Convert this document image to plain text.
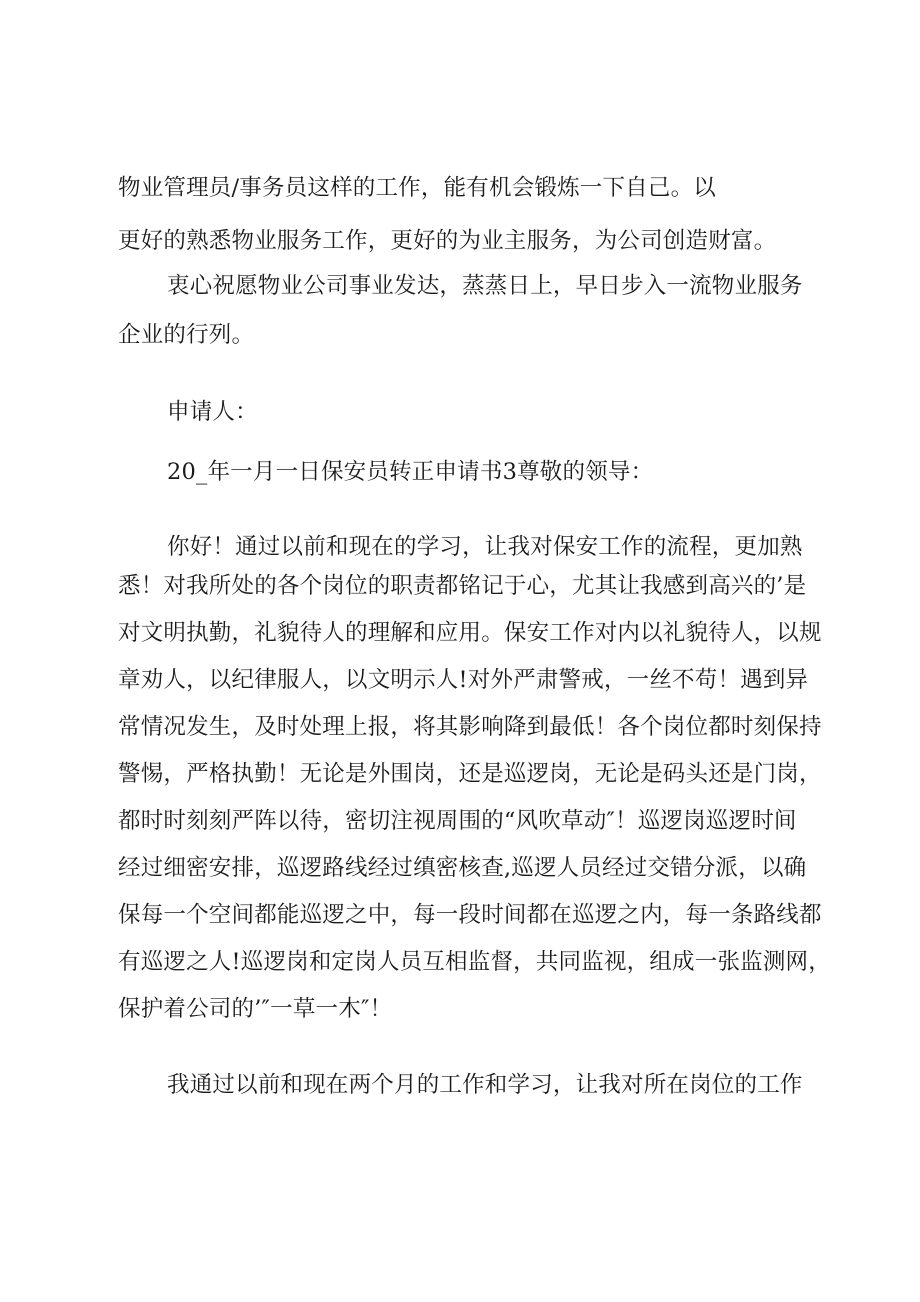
物业管理员/事务员这样的工作，能有机会锻炼一下自己。以

更好的熟悉物业服务工作，更好的为业主服务，为公司创造财富。

衷心祝愿物业公司事业发达，蒸蒸日上，早日步入一流物业服务

企业的行列。

申请人：

20_年一月一日保安员转正申请书3尊敬的领导：

你好！通过以前和现在的学习，让我对保安工作的流程，更加熟

悉！对我所处的各个岗位的职责都铭记于心，尤其让我感到高兴的’是

对文明执勤，礼貌待人的理解和应用。保安工作对内以礼貌待人，以规

章劝人，以纪律服人，以文明示人!对外严肃警戒，一丝不苟！遇到异

常情况发生，及时处理上报，将其影响降到最低！各个岗位都时刻保持

警惕，严格执勤！无论是外围岗，还是巡逻岗，无论是码头还是门岗，

都时时刻刻严阵以待，密切注视周围的“风吹草动″！巡逻岗巡逻时间

经过细密安排，巡逻路线经过缜密核查,巡逻人员经过交错分派，以确

保每一个空间都能巡逻之中，每一段时间都在巡逻之内，每一条路线都

有巡逻之人!巡逻岗和定岗人员互相监督，共同监视，组成一张监测网，

保护着公司的’″一草一木″！

我通过以前和现在两个月的工作和学习，让我对所在岗位的工作
